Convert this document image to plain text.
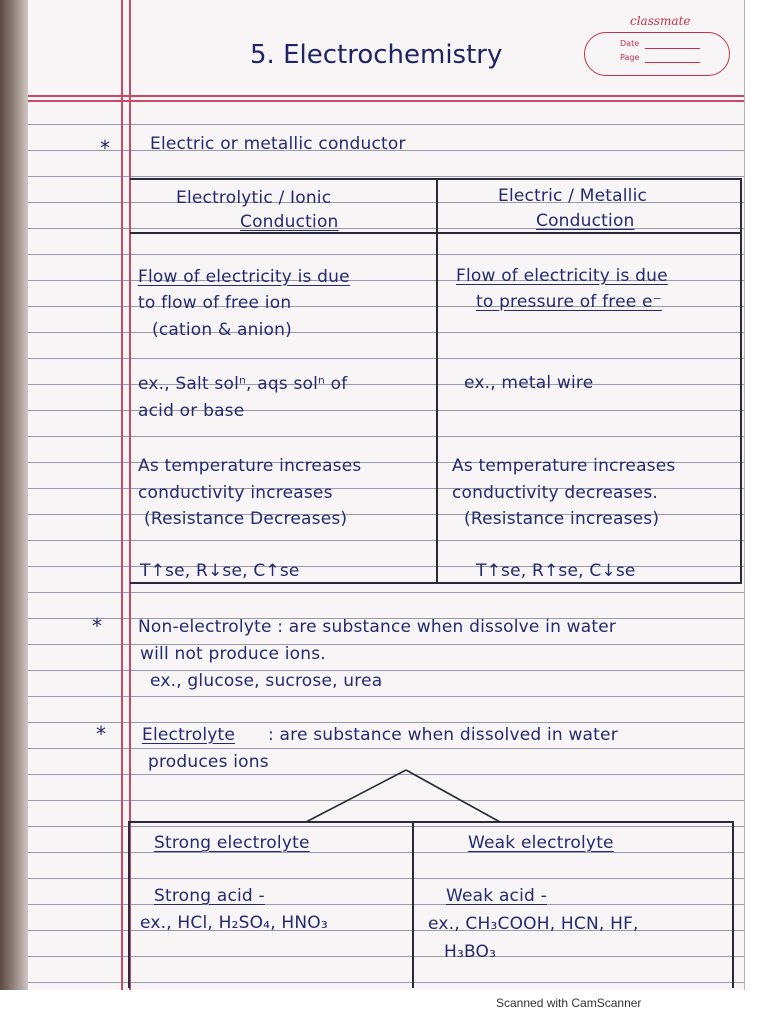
classmate
Date
Page
5. Electrochemistry
* Electric or metallic conductor
Electrolytic / Ionic
Conduction
Electric / Metallic
Conduction
Flow of electricity is due
to flow of free ion
(cation & anion)
Flow of electricity is due
to pressure of free e⁻
ex., Salt solⁿ, aqs solⁿ of
acid or base
ex., metal wire
As temperature increases
conductivity increases
(Resistance Decreases)
As temperature increases
conductivity decreases.
(Resistance increases)
T↑se, R↓se, C↑se	T↑se, R↑se, C↓se
* Non-electrolyte : are substance when dissolve in water
will not produce ions.
ex., glucose, sucrose, urea
* Electrolyte : are substance when dissolved in water
produces ions
Strong electrolyte	Weak electrolyte
Strong acid -
ex., HCl, H₂SO₄, HNO₃
Weak acid -
ex., CH₃COOH, HCN, HF,
H₃BO₃
Scanned with CamScanner
